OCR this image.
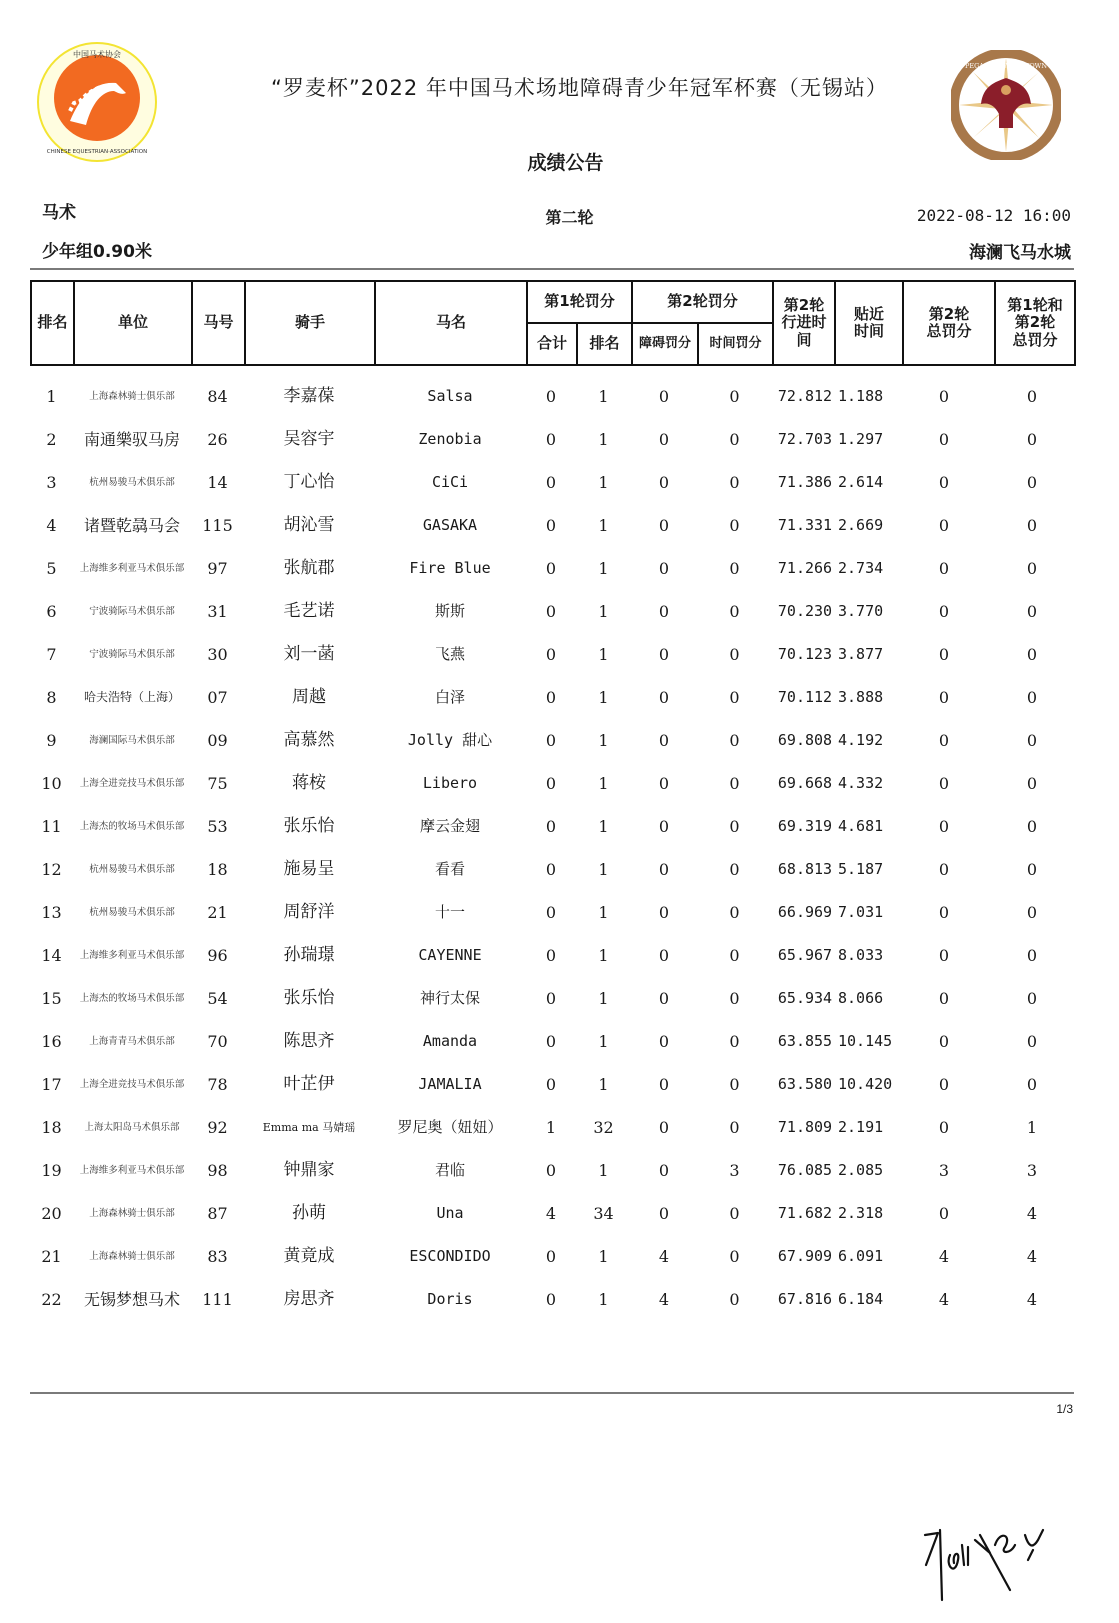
中国马术协会
CHINESE EQUESTRIAN·ASSOCIATION
PEGASUS WATERTOWN
飞马水城
“罗麦杯”2022 年中国马术场地障碍青少年冠军杯赛（无锡站）
成绩公告
马术
少年组0.90米
第二轮	2022-08-12 16:00
海澜飞马水城
排名	单位	马号	骑手	马名	第1轮罚分		第2轮罚分		第2轮
行进时
间	贴近
时间	第2轮
总罚分	第1轮和
第2轮
总罚分
					合计	排名	障碍罚分	时间罚分				
1	上海森林骑士俱乐部	84	李嘉葆	Salsa	0	1	0	0	72.812 1.188	0	0
2	南通樂驭马房	26	吴容宇	Zenobia	0	1	0	0	72.703 1.297	0	0
3	杭州易骏马术俱乐部	14	丁心怡	CiCi	0	1	0	0	71.386 2.614	0	0
4	诸暨乾骉马会	115	胡沁雪	GASAKA	0	1	0	0	71.331 2.669	0	0
5	上海维多利亚马术俱乐部	97	张航郡	Fire Blue	0	1	0	0	71.266 2.734	0	0
6	宁波骑际马术俱乐部	31	毛艺诺	斯斯	0	1	0	0	70.230 3.770	0	0
7	宁波骑际马术俱乐部	30	刘一菡	飞燕	0	1	0	0	70.123 3.877	0	0
8	哈夫浩特（上海）	07	周越	白泽	0	1	0	0	70.112 3.888	0	0
9	海澜国际马术俱乐部	09	高慕然	Jolly 甜心	0	1	0	0	69.808 4.192	0	0
10	上海全进竞技马术俱乐部	75	蒋桉	Libero	0	1	0	0	69.668 4.332	0	0
11	上海杰的牧场马术俱乐部	53	张乐怡	摩云金翅	0	1	0	0	69.319 4.681	0	0
12	杭州易骏马术俱乐部	18	施易呈	看看	0	1	0	0	68.813 5.187	0	0
13	杭州易骏马术俱乐部	21	周舒洋	十一	0	1	0	0	66.969 7.031	0	0
14	上海维多利亚马术俱乐部	96	孙瑞璟	CAYENNE	0	1	0	0	65.967 8.033	0	0
15	上海杰的牧场马术俱乐部	54	张乐怡	神行太保	0	1	0	0	65.934 8.066	0	0
16	上海青青马术俱乐部	70	陈思齐	Amanda	0	1	0	0	63.855 10.145	0	0
17	上海全进竞技马术俱乐部	78	叶芷伊	JAMALIA	0	1	0	0	63.580 10.420	0	0
18	上海太阳岛马术俱乐部	92	Emma ma 马婧瑶	罗尼奥（妞妞）	1	32	0	0	71.809 2.191	0	1
19	上海维多利亚马术俱乐部	98	钟鼎家	君临	0	1	0	3	76.085 2.085	3	3
20	上海森林骑士俱乐部	87	孙萌	Una	4	34	0	0	71.682 2.318	0	4
21	上海森林骑士俱乐部	83	黄竟成	ESCONDIDO	0	1	4	0	67.909 6.091	4	4
22	无锡梦想马术	111	房思齐	Doris	0	1	4	0	67.816 6.184	4	4
1/3
